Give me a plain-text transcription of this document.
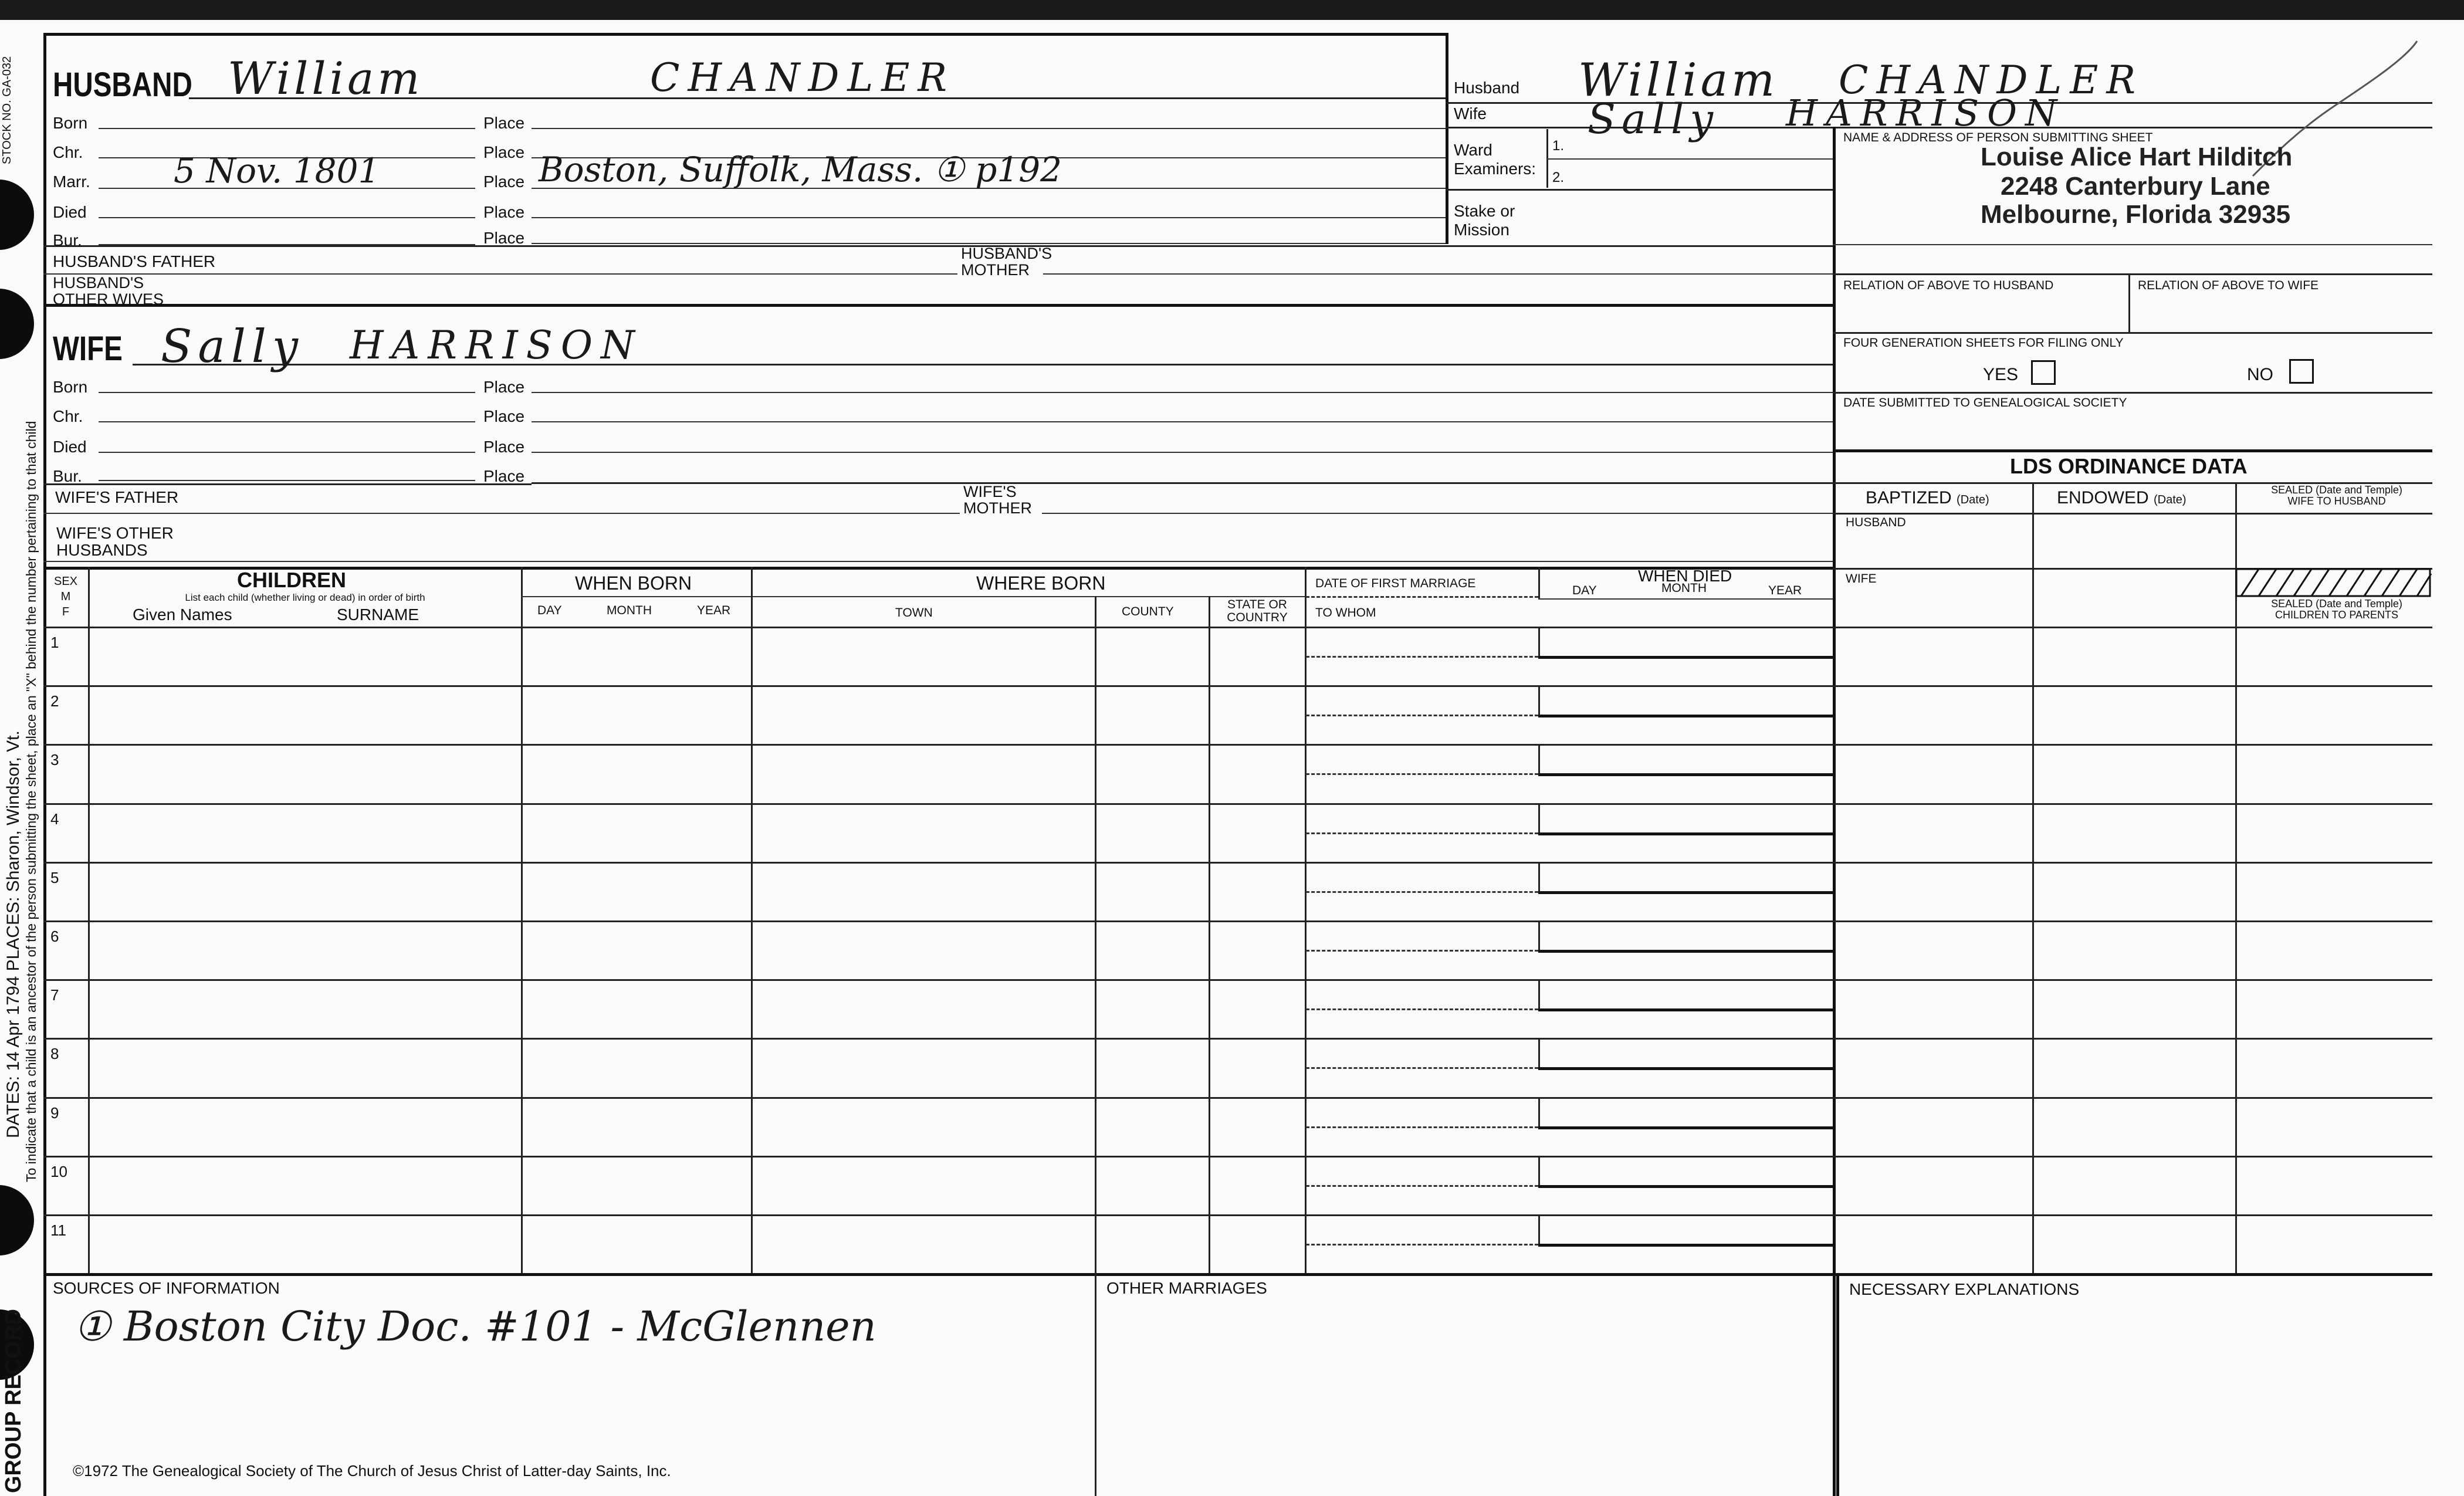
STOCK NO. GA-032
DATES: 14 Apr 1794 PLACES: Sharon, Windsor, Vt. To indicate that a child is an ancestor of the person submitting the sheet, place an "X" behind the number pertaining to that child
GROUP RECORD
HUSBAND William	CHANDLER
Born	Place
Chr.	Place
Marr. 5 Nov. 1801	Place Boston, Suffolk, Mass. ① p192
Died	Place
Bur.	Place
HUSBAND'S FATHER	HUSBAND'S
MOTHER
HUSBAND'S
OTHER WIVES
WIFE Sally HARRISON
Born	Place
Chr.	Place
Died	Place
Bur.	Place
WIFE'S FATHER	WIFE'S
MOTHER
WIFE'S OTHER
HUSBANDS
Husband William CHANDLER
Wife Sally HARRISON
Ward
Examiners:
1.
2.
Stake or
Mission
NAME & ADDRESS OF PERSON SUBMITTING SHEET
Louise Alice Hart Hilditch
2248 Canterbury Lane
Melbourne, Florida 32935
RELATION OF ABOVE TO HUSBAND	RELATION OF ABOVE TO WIFE
FOUR GENERATION SHEETS FOR FILING ONLY
YES	NO
DATE SUBMITTED TO GENEALOGICAL SOCIETY
LDS ORDINANCE DATA
BAPTIZED (Date)	ENDOWED (Date)
SEALED (Date and Temple)
WIFE TO HUSBAND
HUSBAND
WIFE
SEALED (Date and Temple)
CHILDREN TO PARENTS
SEX
M
F
CHILDREN
List each child (whether living or dead) in order of birth
Given Names	SURNAME
WHEN BORN
DAY	MONTH	YEAR
WHERE BORN
TOWN	COUNTY
STATE OR
COUNTRY
DATE OF FIRST MARRIAGE
TO WHOM
WHEN DIED
DAY	MONTH	YEAR
1
2
3
4
5
6
7
8
9
10
11
SOURCES OF INFORMATION
① Boston City Doc. #101 - McGlennen
OTHER MARRIAGES	NECESSARY EXPLANATIONS
©1972 The Genealogical Society of The Church of Jesus Christ of Latter-day Saints, Inc.
